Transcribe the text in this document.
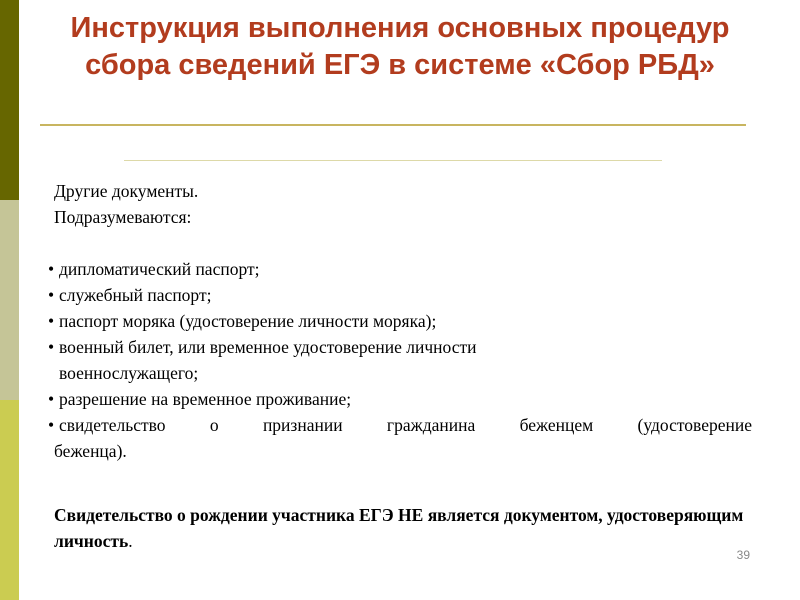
Инструкция выполнения основных процедур сбора сведений ЕГЭ в системе «Сбор РБД»
Другие документы.
Подразумеваются:
• дипломатический паспорт;
• служебный паспорт;
• паспорт моряка (удостоверение личности моряка);
• военный билет, или временное удостоверение личности
военнослужащего;
• разрешение на временное проживание;
• свидетельство о признании гражданина беженцем (удостоверение
беженца).
Свидетельство о рождении участника ЕГЭ НЕ является документом, удостоверяющим личность.
39
